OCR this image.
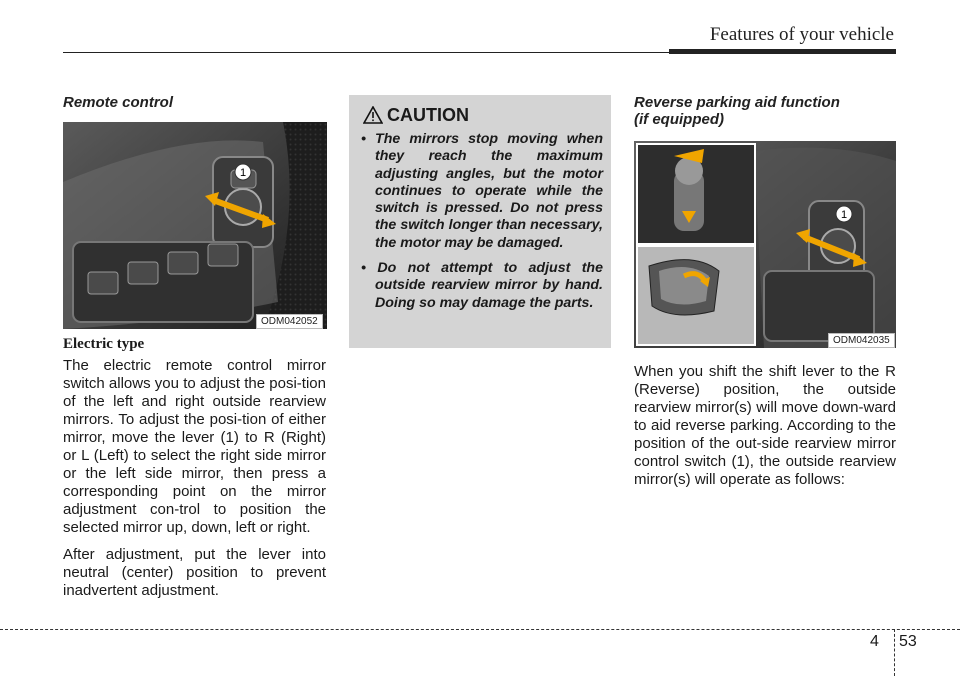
Features of your vehicle
Remote control
1
ODM042052
Electric type

The electric remote control mirror switch allows you to adjust the posi-tion of the left and right outside rearview mirrors. To adjust the posi-tion of either mirror, move the lever (1) to R (Right) or L (Left) to select the right side mirror or the left side mirror, then press a corresponding point on the mirror adjustment con-trol to position the selected mirror up, down, left or right.

After adjustment, put the lever into neutral (center) position to prevent inadvertent adjustment.

CAUTION
• The mirrors stop moving when they reach the maximum adjusting angles, but the motor continues to operate while the switch is pressed. Do not press the switch longer than necessary, the motor may be damaged.
• Do not attempt to adjust the outside rearview mirror by hand. Doing so may damage the parts.
Reverse parking aid function
(if equipped)
1
ODM042035

When you shift the shift lever to the R (Reverse) position, the outside rearview mirror(s) will move down-ward to aid reverse parking. According to the position of the out-side rearview mirror control switch (1), the outside rearview mirror(s) will operate as follows:

4 53
